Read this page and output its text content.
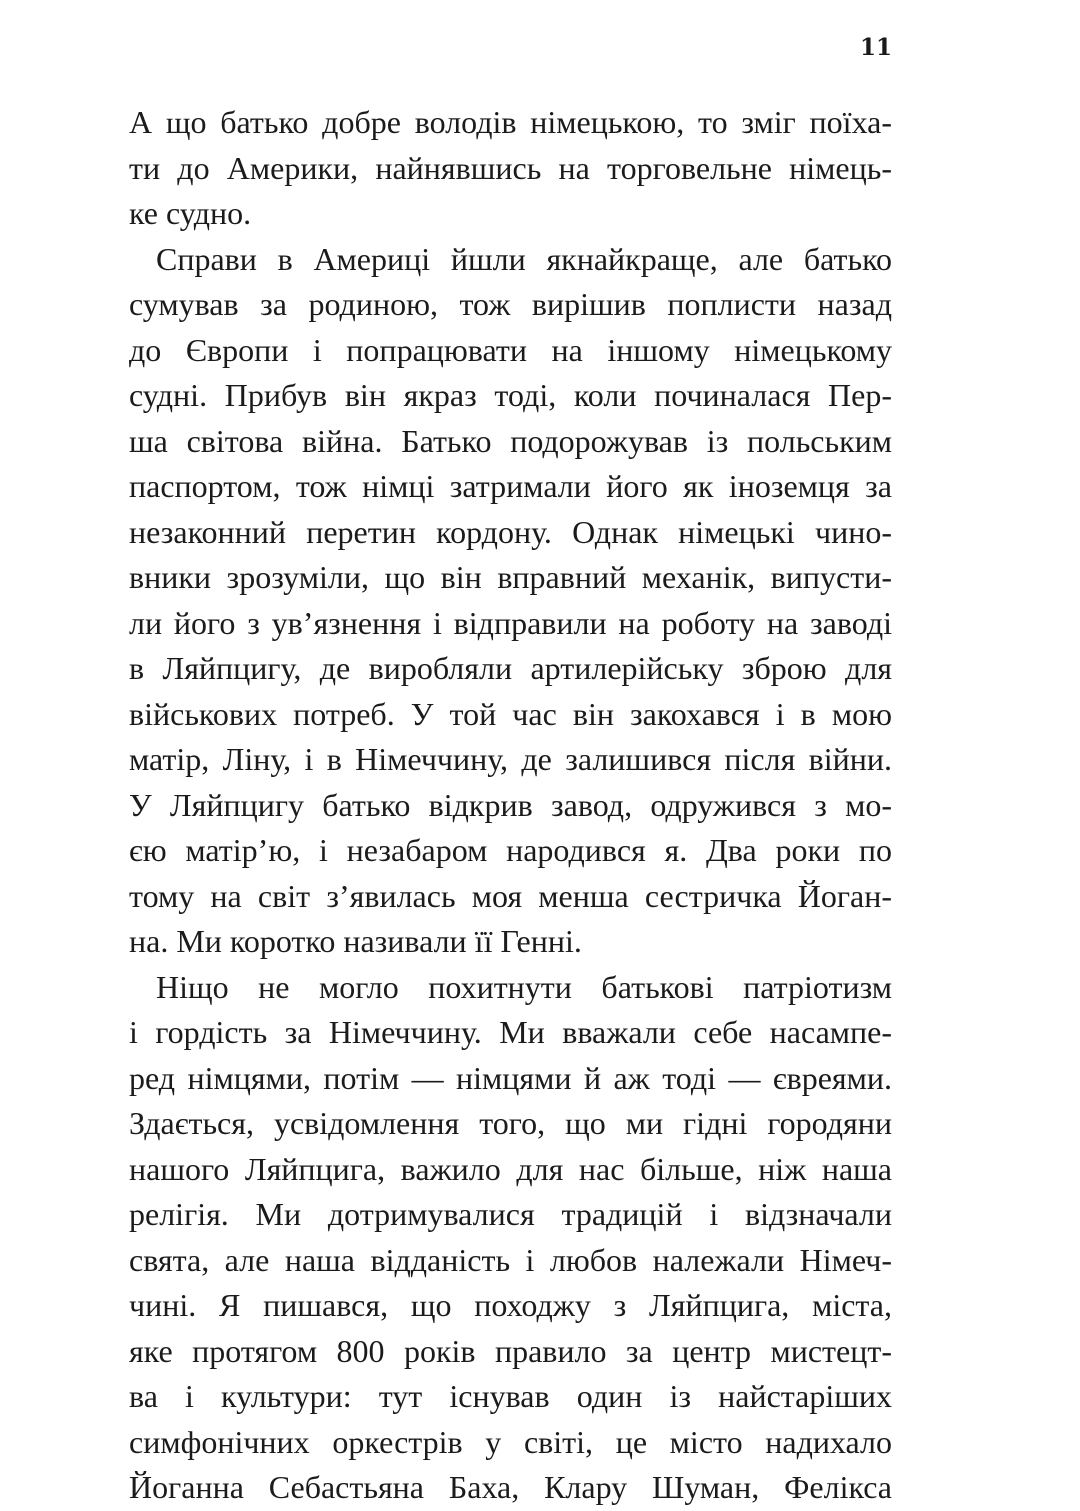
11
А що батько добре володів німецькою, то зміг поїха-
ти до Америки, найнявшись на торговельне німець-
ке судно.
Справи в Америці йшли якнайкраще, але батько
сумував за родиною, тож вирішив поплисти назад
до Європи і попрацювати на іншому німецькому
судні. Прибув він якраз тоді, коли починалася Пер-
ша світова війна. Батько подорожував із польським
паспортом, тож німці затримали його як іноземця за
незаконний перетин кордону. Однак німецькі чино-
вники зрозуміли, що він вправний механік, випусти-
ли його з ув’язнення і відправили на роботу на заводі
в Ляйпцигу, де виробляли артилерійську зброю для
військових потреб. У той час він закохався і в мою
матір, Ліну, і в Німеччину, де залишився після війни.
У Ляйпцигу батько відкрив завод, одружився з мо-
єю матір’ю, і незабаром народився я. Два роки по
тому на світ з’явилась моя менша сестричка Йоган-
на. Ми коротко називали її Генні.
Ніщо не могло похитнути батькові патріотизм
і гордість за Німеччину. Ми вважали себе насампе-
ред німцями, потім — німцями й аж тоді — євреями.
Здається, усвідомлення того, що ми гідні городяни
нашого Ляйпцига, важило для нас більше, ніж наша
релігія. Ми дотримувалися традицій і відзначали
свята, але наша відданість і любов належали Німеч-
чині. Я пишався, що походжу з Ляйпцига, міста,
яке протягом 800 років правило за центр мистецт-
ва і культури: тут існував один із найстаріших
симфонічних оркестрів у світі, це місто надихало
Йоганна Себастьяна Баха, Клару Шуман, Фелікса
